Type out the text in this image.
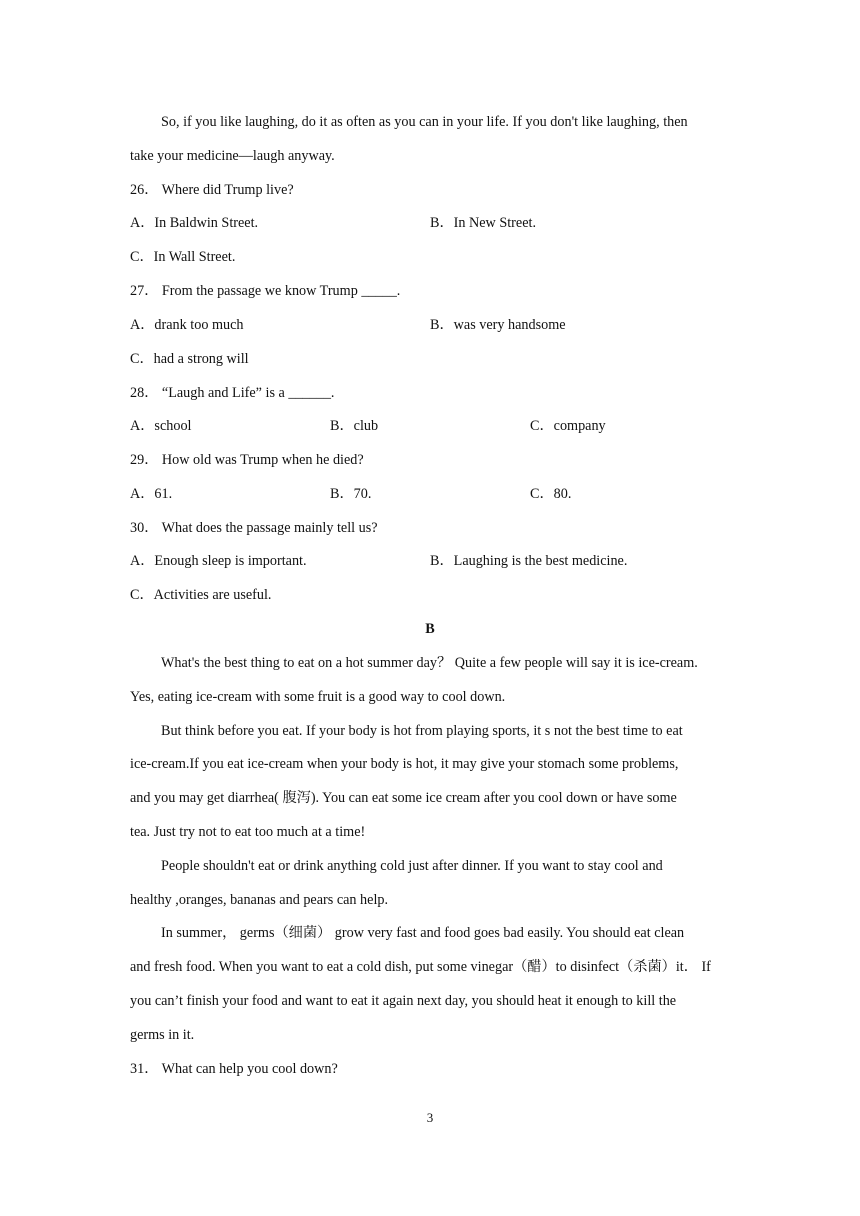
So, if you like laughing, do it as often as you can in your life. If you don't like laughing, then
take your medicine—laugh anyway.
26． Where did Trump live?
A．In Baldwin Street.	B．In New Street.
C．In Wall Street.
27． From the passage we know Trump _____.
A．drank too much	B．was very handsome
C．had a strong will
28． “Laugh and Life” is a ______.
A．school	B．club	C．company
29． How old was Trump when he died?
A．61.	B．70.	C．80.
30． What does the passage mainly tell us?
A．Enough sleep is important.	B．Laughing is the best medicine.
C．Activities are useful.
B
What's the best thing to eat on a hot summer day？ Quite a few people will say it is ice-cream.
Yes, eating ice-cream with some fruit is a good way to cool down.
But think before you eat. If your body is hot from playing sports, it s not the best time to eat
ice-cream.If you eat ice-cream when your body is hot, it may give your stomach some problems,
and you may get diarrhea( 腹泻). You can eat some ice cream after you cool down or have some
tea. Just try not to eat too much at a time!
People shouldn't eat or drink anything cold just after dinner. If you want to stay cool and
healthy ,oranges, bananas and pears can help.
In summer， germs（细菌） grow very fast and food goes bad easily. You should eat clean
and fresh food. When you want to eat a cold dish, put some vinegar（醋）to disinfect（杀菌）it． If
you can’t finish your food and want to eat it again next day, you should heat it enough to kill the
germs in it.
31． What can help you cool down?
3
